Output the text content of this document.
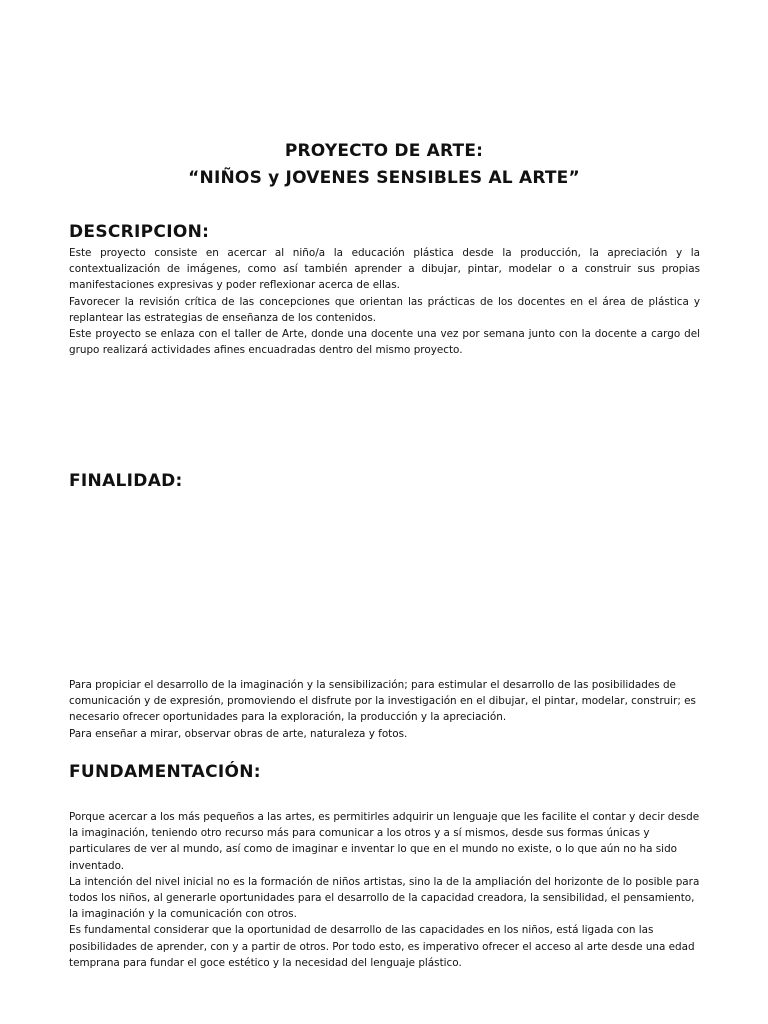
PROYECTO DE ARTE:
“NIÑOS y JOVENES SENSIBLES AL ARTE”
DESCRIPCION:

Este proyecto consiste en acercar al niño/a la educación plástica desde la producción, la apreciación y la contextualización de imágenes, como así también aprender a dibujar, pintar, modelar o a construir sus propias manifestaciones expresivas y poder reflexionar acerca de ellas.

Favorecer la revisión crítica de las concepciones que orientan las prácticas de los docentes en el área de plástica y replantear las estrategias de enseñanza de los contenidos.

Este proyecto se enlaza con el taller de Arte, donde una docente una vez por semana junto con la docente a cargo del grupo realizará actividades afines encuadradas dentro del mismo proyecto.

FINALIDAD:

Para propiciar el desarrollo de la imaginación y la sensibilización; para estimular el desarrollo de las posibilidades de comunicación y de expresión, promoviendo el disfrute por la investigación en el dibujar, el pintar, modelar, construir; es necesario ofrecer oportunidades para la exploración, la producción y la apreciación.

Para enseñar a mirar, observar obras de arte, naturaleza y fotos.

FUNDAMENTACIÓN:

Porque acercar a los más pequeños a las artes, es permitirles adquirir un lenguaje que les facilite el contar y decir desde la imaginación, teniendo otro recurso más para comunicar a los otros y a sí mismos, desde sus formas únicas y particulares de ver al mundo, así como de imaginar e inventar lo que en el mundo no existe, o lo que aún no ha sido inventado.

La intención del nivel inicial no es la formación de niños artistas, sino la de la ampliación del horizonte de lo posible para todos los niños, al generarle oportunidades para el desarrollo de la capacidad creadora, la sensibilidad, el pensamiento, la imaginación y la comunicación con otros.

Es fundamental considerar que la oportunidad de desarrollo de las capacidades en los niños, está ligada con las posibilidades de aprender, con y a partir de otros. Por todo esto, es imperativo ofrecer el acceso al arte desde una edad temprana para fundar el goce estético y la necesidad del lenguaje plástico.
